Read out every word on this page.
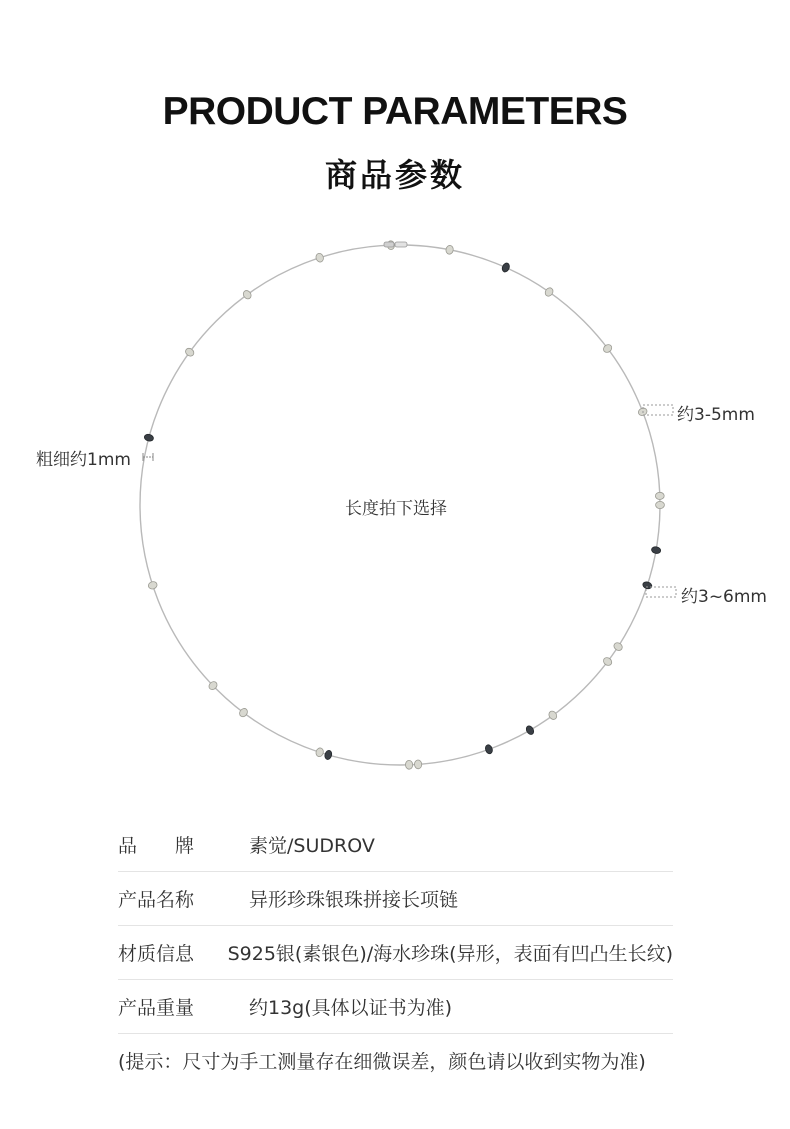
PRODUCT PARAMETERS
商品参数
粗细约1mm
长度拍下选择
约3-5mm
约3~6mm
品　　牌	素觉/SUDROV
产品名称	异形珍珠银珠拼接长项链
材质信息	S925银(素银色)/海水珍珠(异形，表面有凹凸生长纹)
产品重量	约13g(具体以证书为准)
(提示：尺寸为手工测量存在细微误差，颜色请以收到实物为准)
